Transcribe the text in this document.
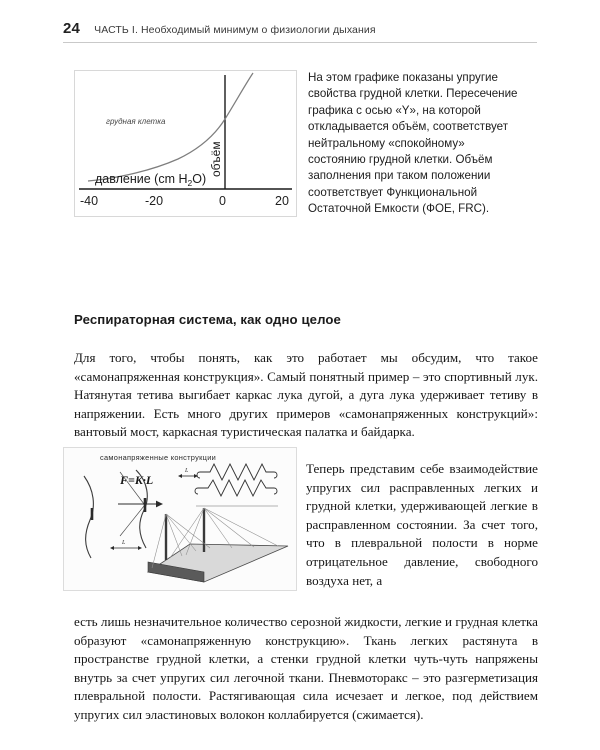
24 ЧАСТЬ I. Необходимый минимум о физиологии дыхания
грудная клетка
объём
давление (cm $H_2O$)
-40	-20	0	20
На этом графике показаны упругие свойства грудной клетки. Пересечение графика с осью «Y», на которой откладывается объём, соответствует нейтральному «спокойному» состоянию грудной клетки. Объём заполнения при таком положении соответствует Функциональной Остаточной Емкости (ФОЕ, FRC).
Респираторная система, как одно целое

Для того, чтобы понять, как это работает мы обсудим, что такое «самонапряженная конструкция». Самый понятный пример – это спортивный лук. Натянутая тетива выгибает каркас лука дугой, а дуга лука удерживает тетиву в напряжении. Есть много других примеров «самонапряженных конструкций»: вантовый мост, каркасная туристическая палатка и байдарка.

самонапряженные конструкции
F=K·L
L
L	Теперь представим себе взаимодействие упругих сил расправленных легких и грудной клетки, удерживающей легкие в расправленном состоянии. За счет того, что в плевральной полости в норме отрицательное давление, свободного воздуха нет, а

есть лишь незначительное количество серозной жидкости, легкие и грудная клетка образуют «самонапряженную конструкцию». Ткань легких растянута в пространстве грудной клетки, а стенки грудной клетки чуть-чуть напряжены внутрь за счет упругих сил легочной ткани. Пневмоторакс – это разгерметизация плевральной полости. Растягивающая сила исчезает и легкое, под действием упругих сил эластиновых волокон коллабируется (сжимается).
